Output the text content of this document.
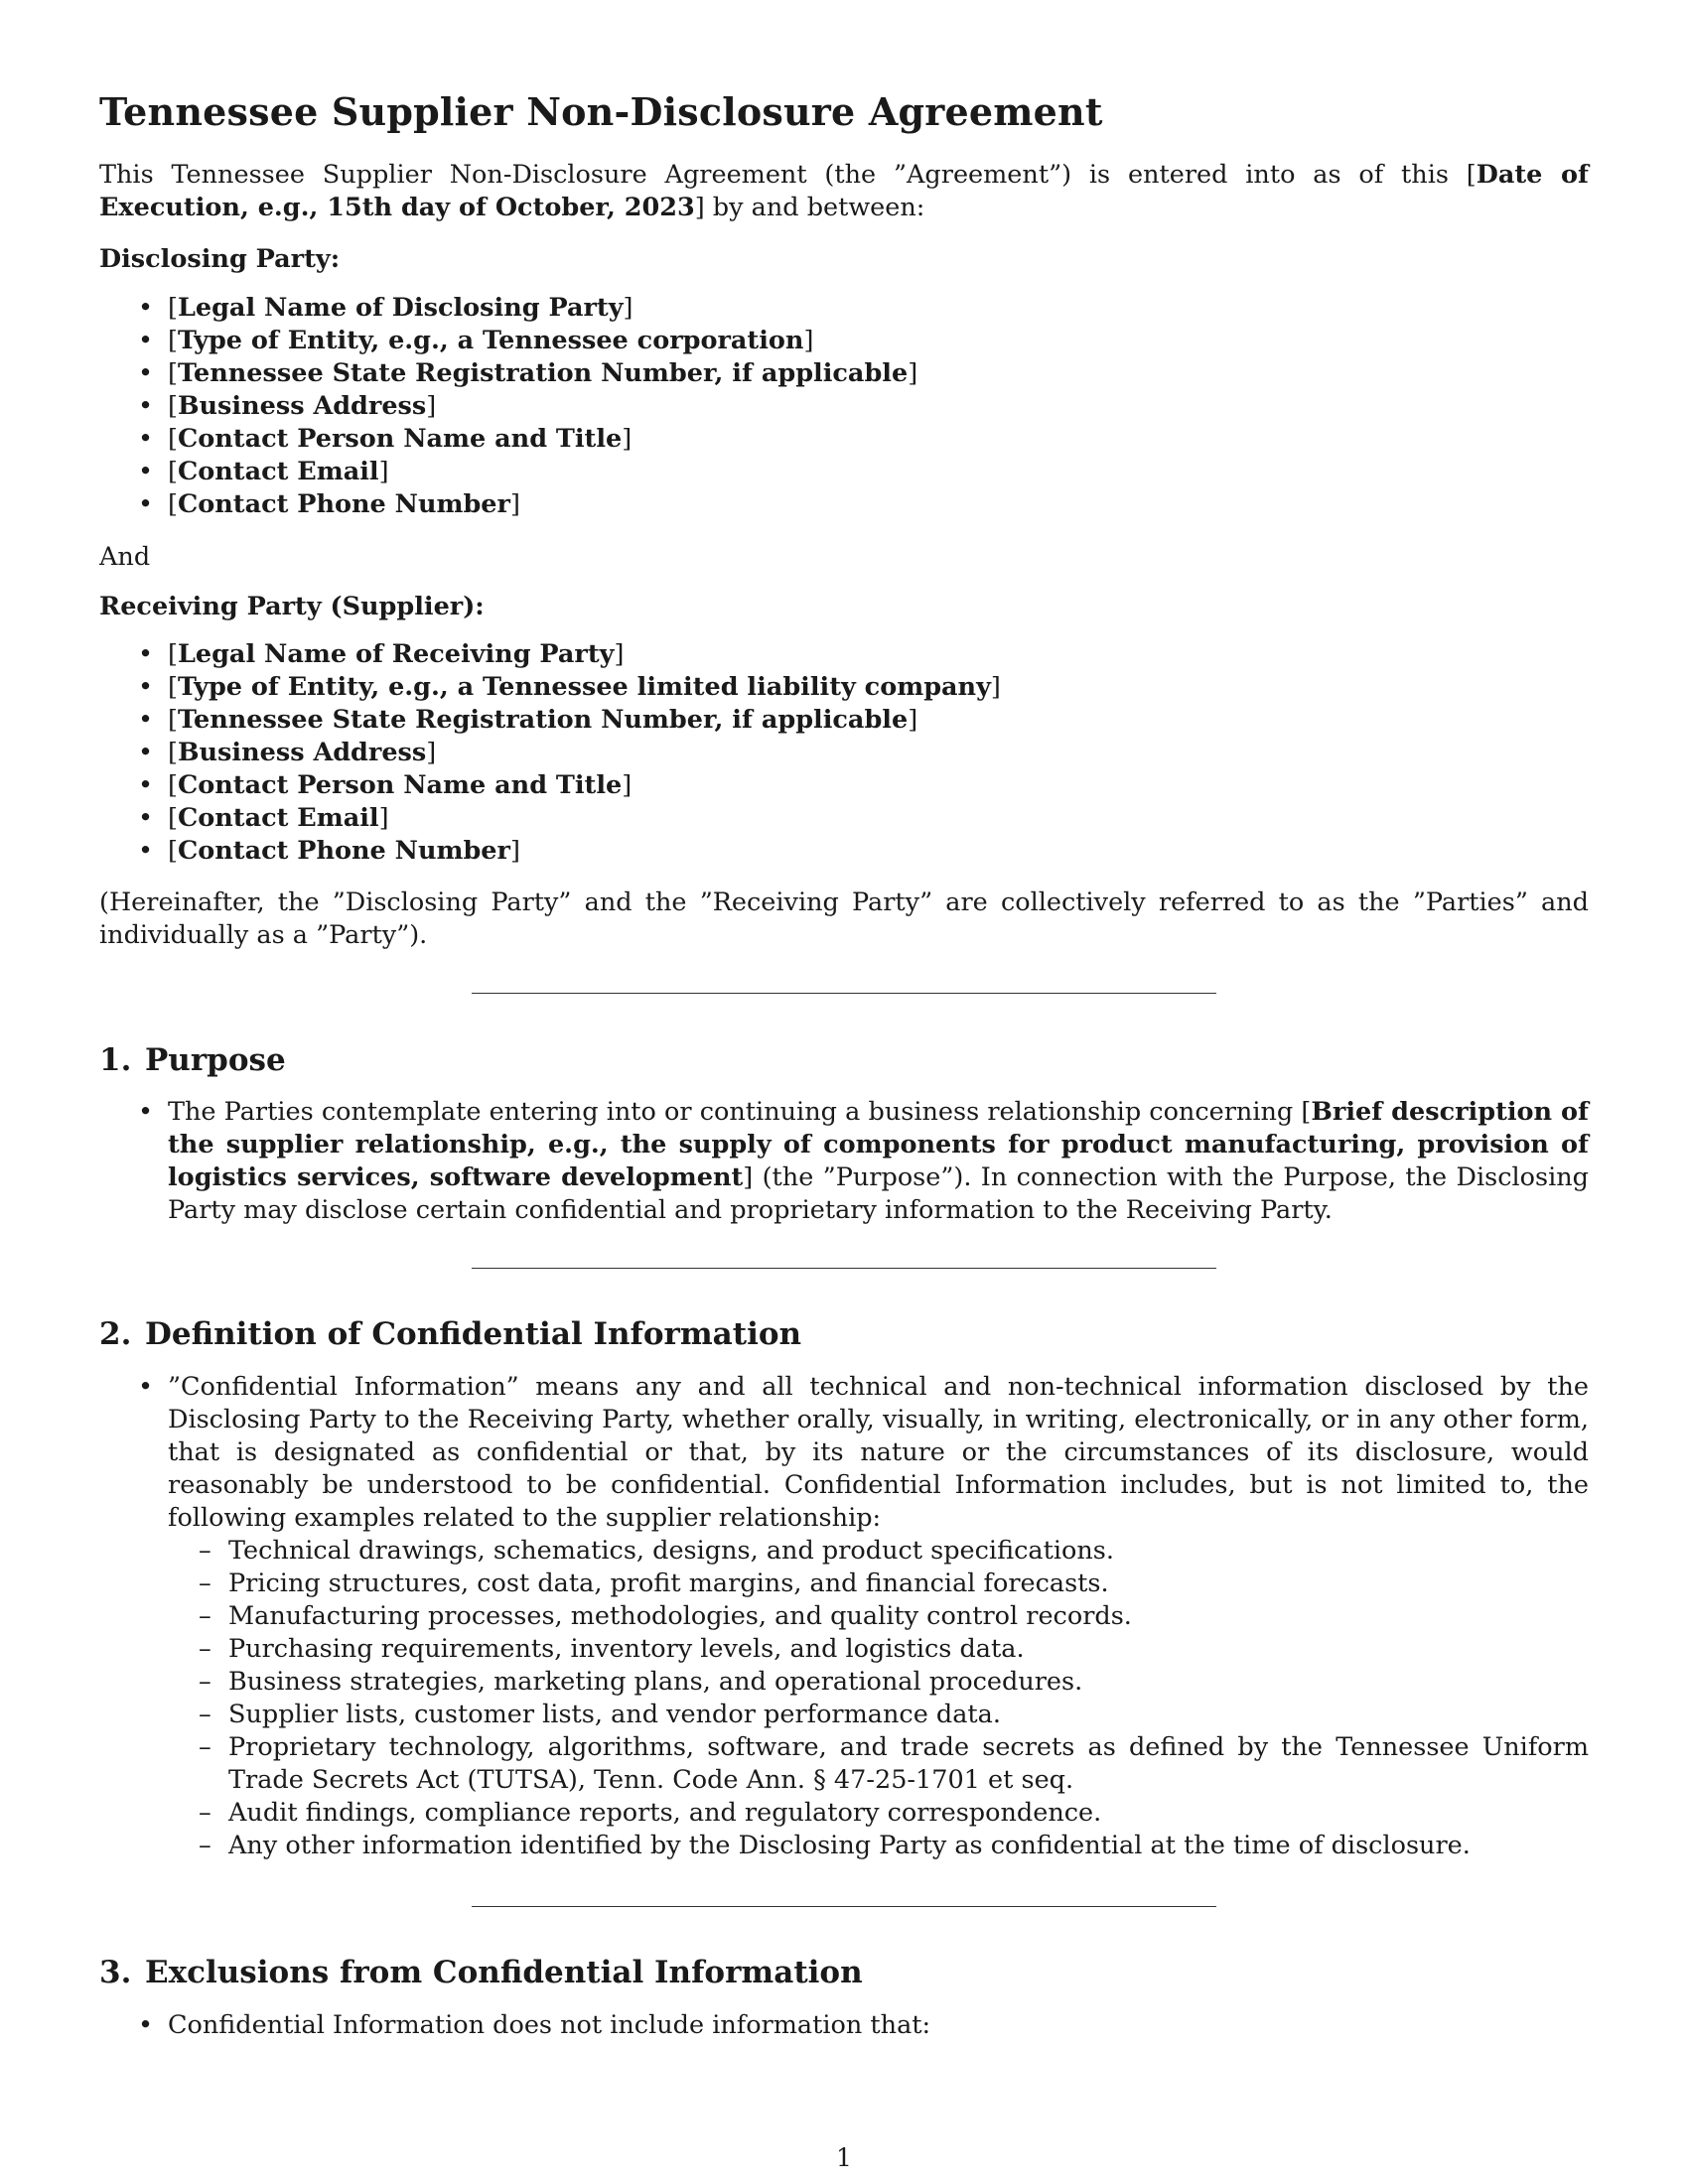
Tennessee Supplier Non-Disclosure Agreement

This Tennessee Supplier Non-Disclosure Agreement (the ”Agreement”) is entered into as of this [Date of Execution, e.g., 15th day of October, 2023] by and between:

Disclosing Party:

• [Legal Name of Disclosing Party]
• [Type of Entity, e.g., a Tennessee corporation]
• [Tennessee State Registration Number, if applicable]
• [Business Address]
• [Contact Person Name and Title]
• [Contact Email]
• [Contact Phone Number]

And

Receiving Party (Supplier):

• [Legal Name of Receiving Party]
• [Type of Entity, e.g., a Tennessee limited liability company]
• [Tennessee State Registration Number, if applicable]
• [Business Address]
• [Contact Person Name and Title]
• [Contact Email]
• [Contact Phone Number]

(Hereinafter, the ”Disclosing Party” and the ”Receiving Party” are collectively referred to as the ”Parties” and individually as a ”Party”).

1. Purpose
• The Parties contemplate entering into or continuing a business relationship concerning [Brief description of the supplier relationship, e.g., the supply of components for product manufacturing, provision of logistics services, software development] (the ”Purpose”). In connection with the Purpose, the Disclosing Party may disclose certain confidential and proprietary information to the Receiving Party.
2. Definition of Confidential Information
• ”Confidential Information” means any and all technical and non-technical information disclosed by the Disclosing Party to the Receiving Party, whether orally, visually, in writing, electronically, or in any other form, that is designated as confidential or that, by its nature or the circumstances of its disclosure, would reasonably be understood to be confidential. Confidential Information includes, but is not limited to, the following examples related to the supplier relationship:
– Technical drawings, schematics, designs, and product specifications.
– Pricing structures, cost data, profit margins, and financial forecasts.
– Manufacturing processes, methodologies, and quality control records.
– Purchasing requirements, inventory levels, and logistics data.
– Business strategies, marketing plans, and operational procedures.
– Supplier lists, customer lists, and vendor performance data.
– Proprietary technology, algorithms, software, and trade secrets as defined by the Tennessee Uniform Trade Secrets Act (TUTSA), Tenn. Code Ann. § 47-25-1701 et seq.
– Audit findings, compliance reports, and regulatory correspondence.
– Any other information identified by the Disclosing Party as confidential at the time of disclosure.
3. Exclusions from Confidential Information
• Confidential Information does not include information that:
1
